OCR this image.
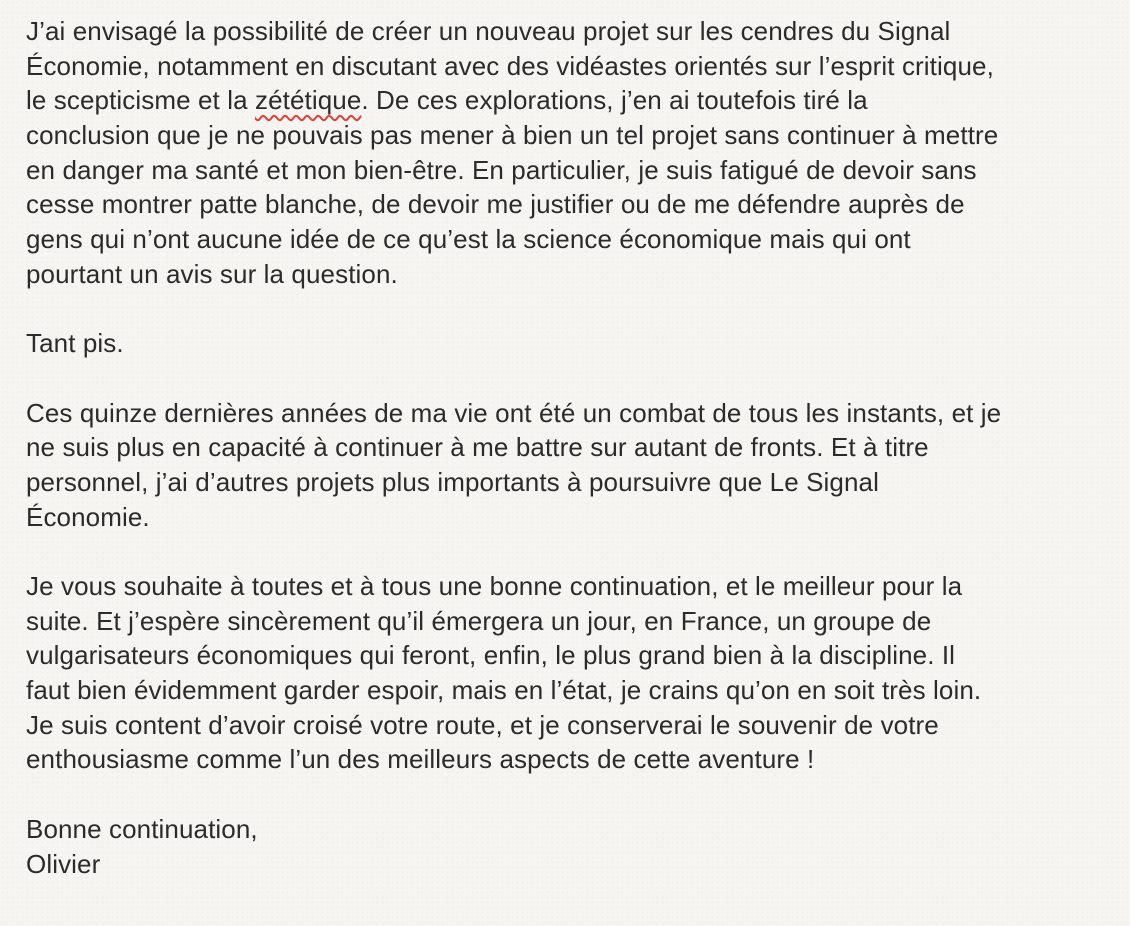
J’ai envisagé la possibilité de créer un nouveau projet sur les cendres du Signal
Économie, notamment en discutant avec des vidéastes orientés sur l’esprit critique,
le scepticisme et la zététique. De ces explorations, j’en ai toutefois tiré la
conclusion que je ne pouvais pas mener à bien un tel projet sans continuer à mettre
en danger ma santé et mon bien-être. En particulier, je suis fatigué de devoir sans
cesse montrer patte blanche, de devoir me justifier ou de me défendre auprès de
gens qui n’ont aucune idée de ce qu’est la science économique mais qui ont
pourtant un avis sur la question.
Tant pis.
Ces quinze dernières années de ma vie ont été un combat de tous les instants, et je
ne suis plus en capacité à continuer à me battre sur autant de fronts. Et à titre
personnel, j’ai d’autres projets plus importants à poursuivre que Le Signal
Économie.
Je vous souhaite à toutes et à tous une bonne continuation, et le meilleur pour la
suite. Et j’espère sincèrement qu’il émergera un jour, en France, un groupe de
vulgarisateurs économiques qui feront, enfin, le plus grand bien à la discipline. Il
faut bien évidemment garder espoir, mais en l’état, je crains qu’on en soit très loin.
Je suis content d’avoir croisé votre route, et je conserverai le souvenir de votre
enthousiasme comme l’un des meilleurs aspects de cette aventure !
Bonne continuation,
Olivier
